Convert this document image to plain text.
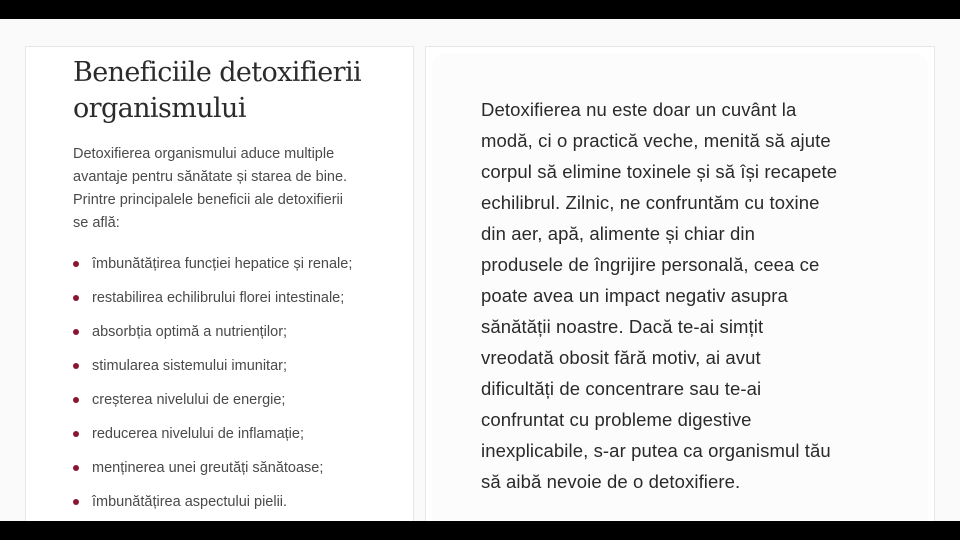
Beneficiile detoxifierii
organismului

Detoxifierea organismului aduce multiple
avantaje pentru sănătate și starea de bine.
Printre principalele beneficii ale detoxifierii
se află:

îmbunătățirea funcției hepatice și renale;
restabilirea echilibrului florei intestinale;
absorbția optimă a nutrienților;
stimularea sistemului imunitar;
creșterea nivelului de energie;
reducerea nivelului de inflamație;
menținerea unei greutăți sănătoase;
îmbunătățirea aspectului pielii.

Detoxifierea nu este doar un cuvânt la
modă, ci o practică veche, menită să ajute
corpul să elimine toxinele și să își recapete
echilibrul. Zilnic, ne confruntăm cu toxine
din aer, apă, alimente și chiar din
produsele de îngrijire personală, ceea ce
poate avea un impact negativ asupra
sănătății noastre. Dacă te-ai simțit
vreodată obosit fără motiv, ai avut
dificultăți de concentrare sau te-ai
confruntat cu probleme digestive
inexplicabile, s-ar putea ca organismul tău
să aibă nevoie de o detoxifiere.
